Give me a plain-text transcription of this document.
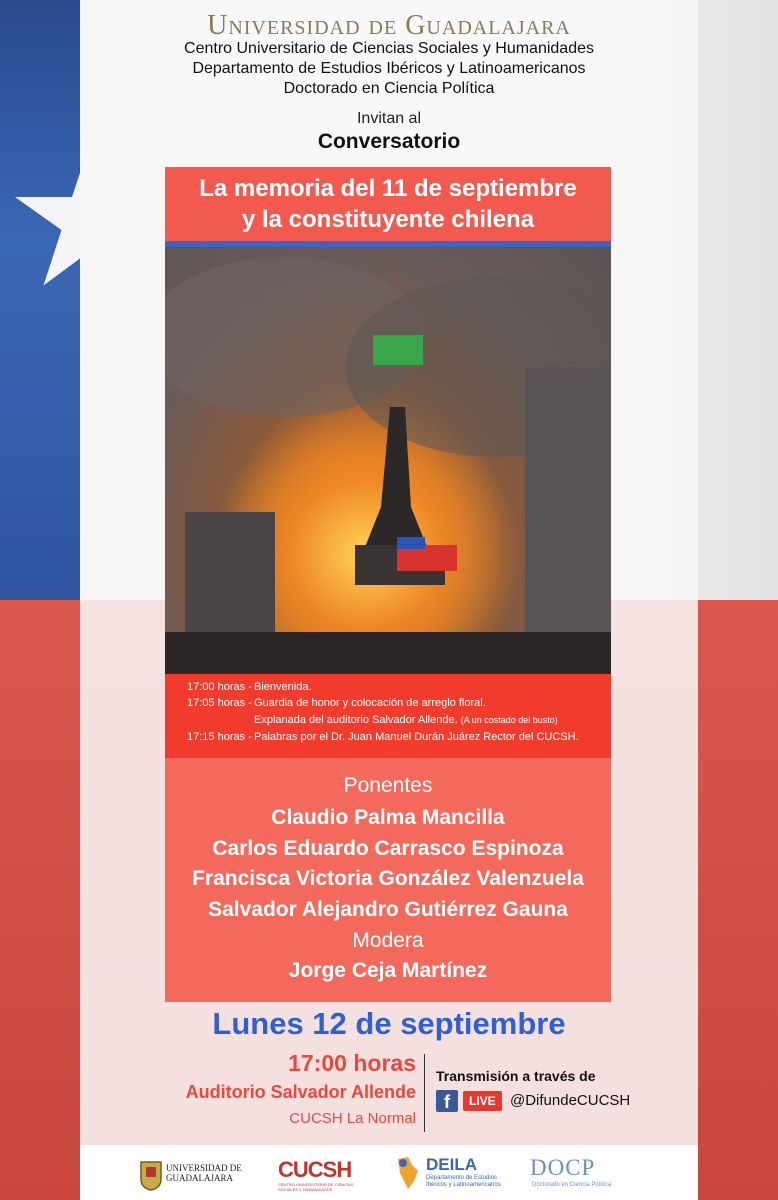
Universidad de Guadalajara
Centro Universitario de Ciencias Sociales y Humanidades
Departamento de Estudios Ibéricos y Latinoamericanos
Doctorado en Ciencia Política
Invitan al
Conversatorio
La memoria del 11 de septiembre
y la constituyente chilena
17:00 horas - Bienvenida.
17:05 horas - Guardia de honor y colocación de arreglo floral.
Explanada del auditorio Salvador Allende. (A un costado del busto)
17:15 horas - Palabras por el Dr. Juan Manuel Durán Juárez Rector del CUCSH.
Ponentes
Claudio Palma Mancilla
Carlos Eduardo Carrasco Espinoza
Francisca Victoria González Valenzuela
Salvador Alejandro Gutiérrez Gauna
Modera
Jorge Ceja Martínez
Lunes 12 de septiembre
17:00 horas
Auditorio Salvador Allende
CUCSH La Normal
Transmisión a través de
f	LIVE @DifundeCUCSH
UNIVERSIDAD DE
GUADALAJARA CUCSH
CENTRO UNIVERSITARIO DE CIENCIAS SOCIALES Y HUMANIDADES
DEILA
Departamento de Estudios
Ibéricos y Latinoamericanos
DOCP
Doctorado en Ciencia Política
